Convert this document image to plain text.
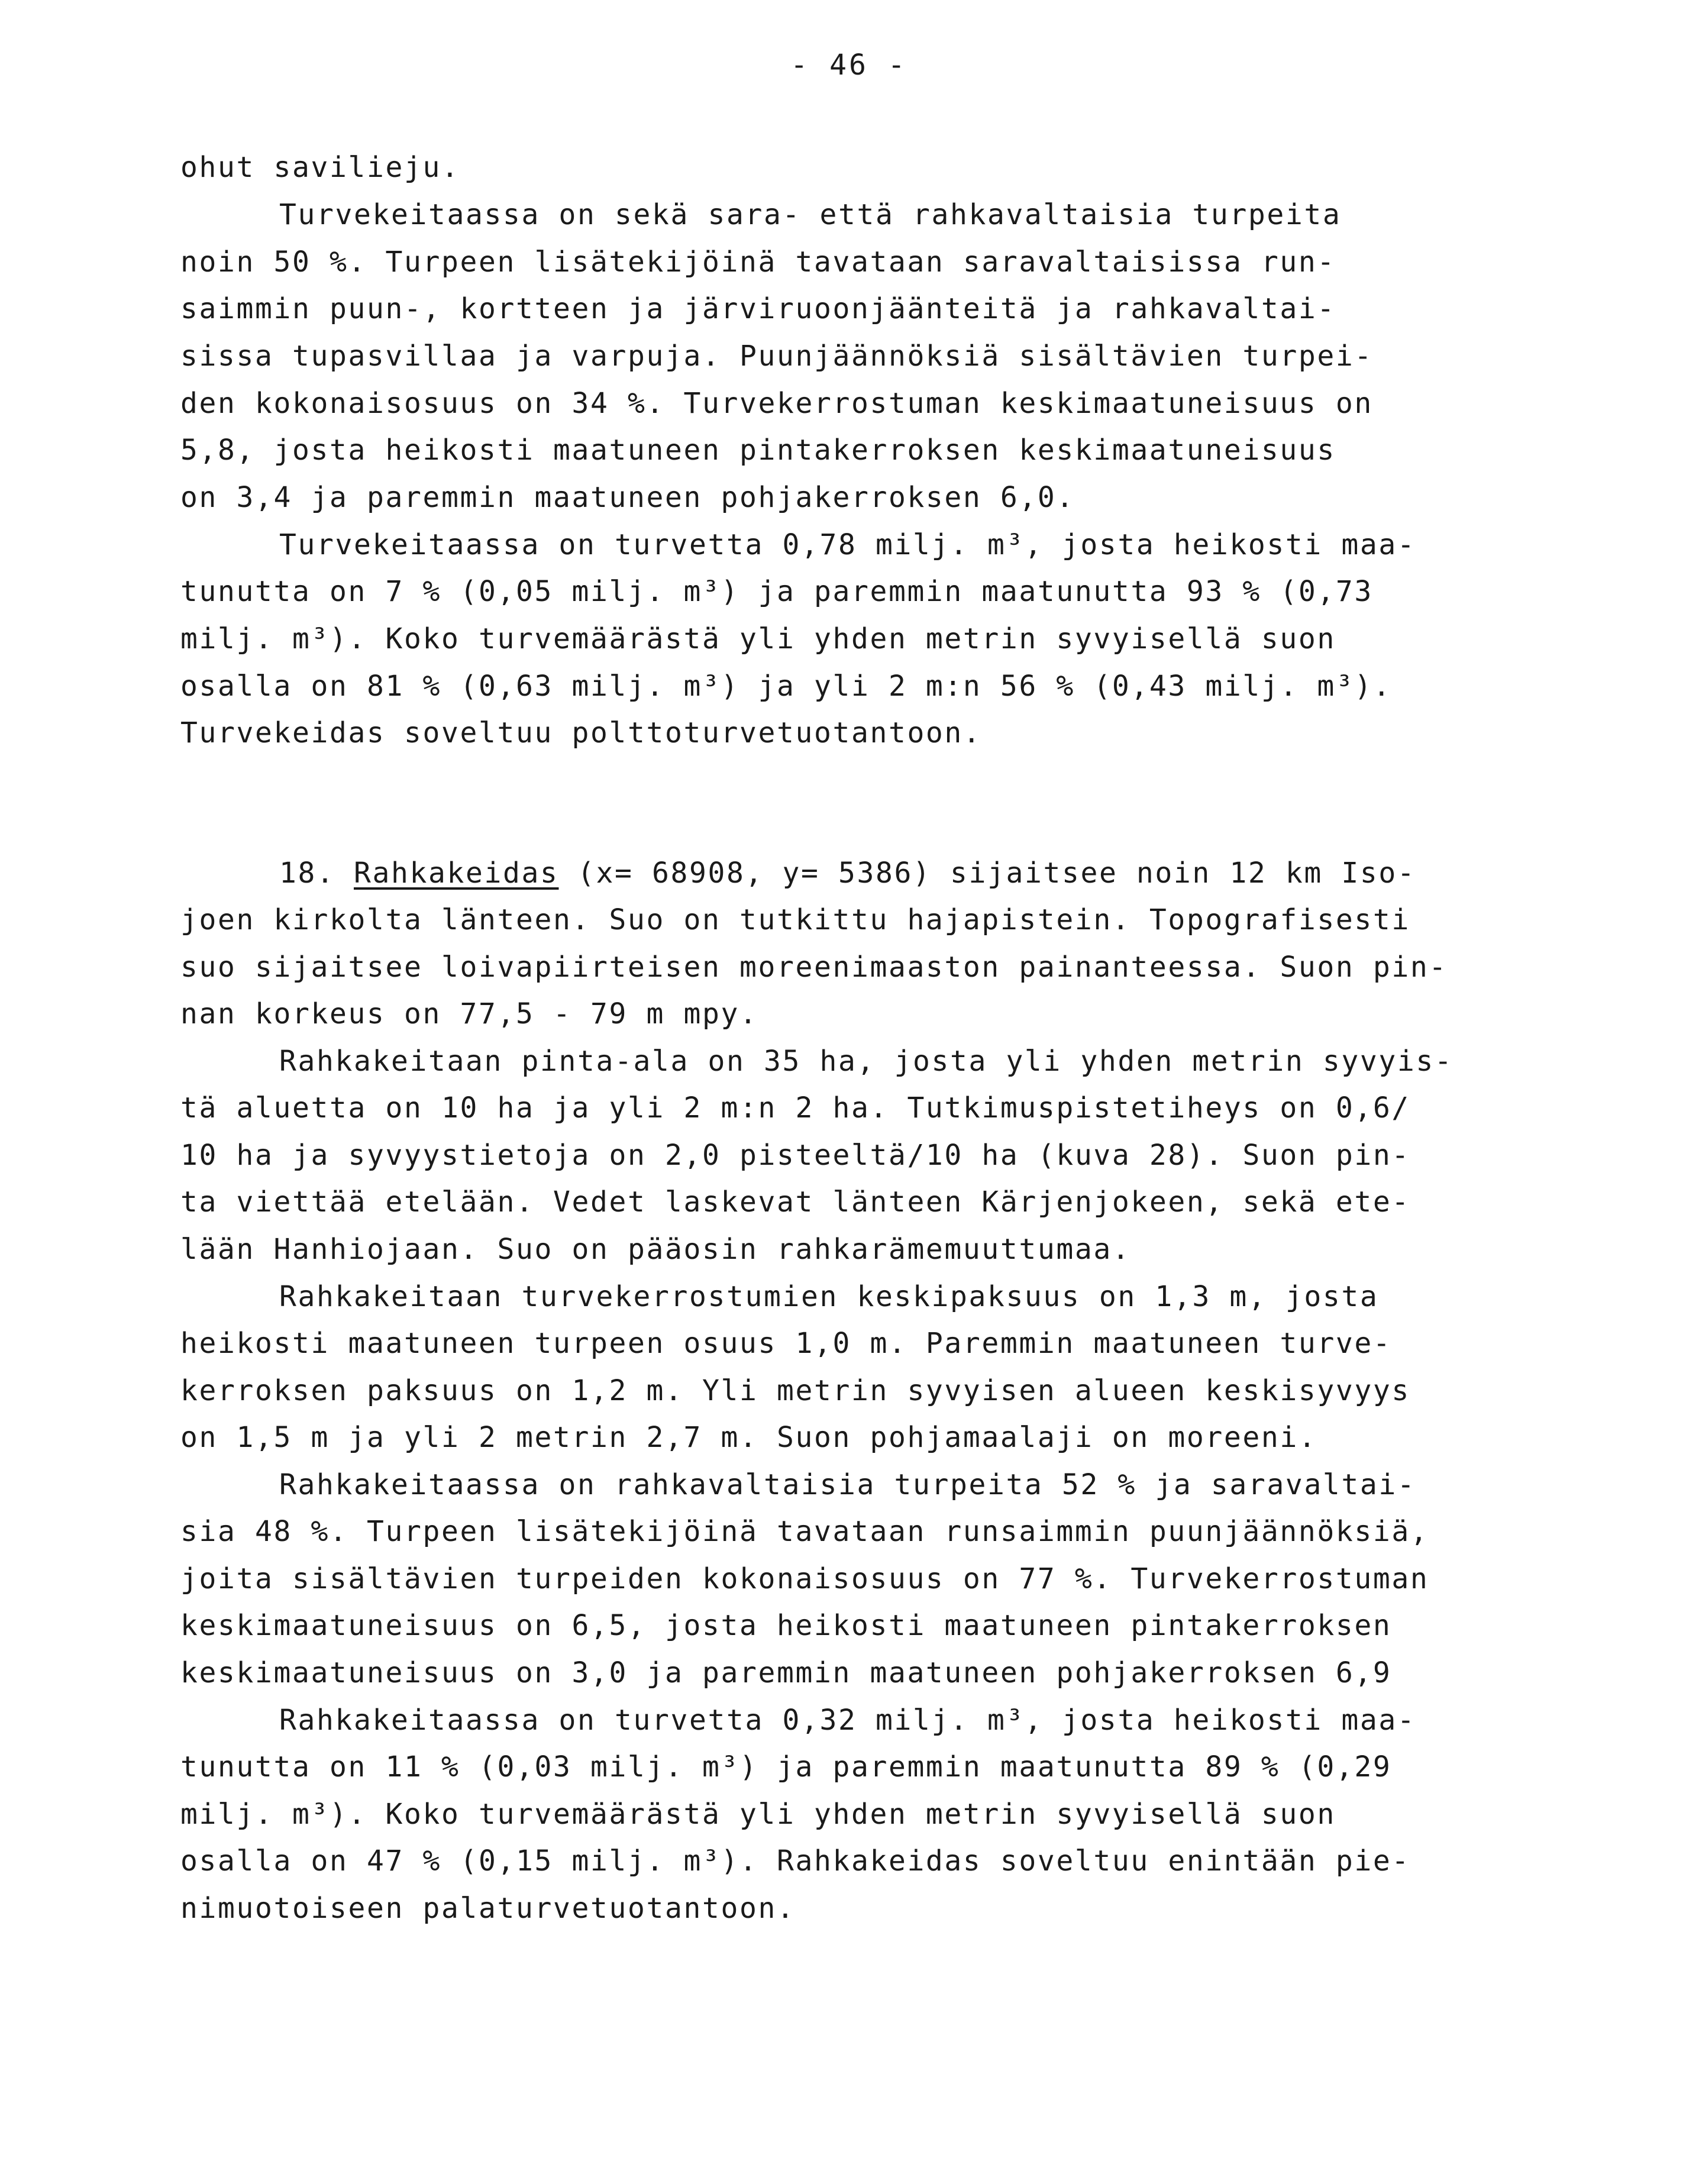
- 46 -
ohut savilieju.
Turvekeitaassa on sekä sara- että rahkavaltaisia turpeita
noin 50 %. Turpeen lisätekijöinä tavataan saravaltaisissa run-
saimmin puun-, kortteen ja järviruoonjäänteitä ja rahkavaltai-
sissa tupasvillaa ja varpuja. Puunjäännöksiä sisältävien turpei-
den kokonaisosuus on 34 %. Turvekerrostuman keskimaatuneisuus on
5,8, josta heikosti maatuneen pintakerroksen keskimaatuneisuus
on 3,4 ja paremmin maatuneen pohjakerroksen 6,0.
Turvekeitaassa on turvetta 0,78 milj. m³, josta heikosti maa-
tunutta on 7 % (0,05 milj. m³) ja paremmin maatunutta 93 % (0,73
milj. m³). Koko turvemäärästä yli yhden metrin syvyisellä suon
osalla on 81 % (0,63 milj. m³) ja yli 2 m:n 56 % (0,43 milj. m³).
Turvekeidas soveltuu polttoturvetuotantoon.
18. Rahkakeidas (x= 68908, y= 5386) sijaitsee noin 12 km Iso-
joen kirkolta länteen. Suo on tutkittu hajapistein. Topografisesti
suo sijaitsee loivapiirteisen moreenimaaston painanteessa. Suon pin-
nan korkeus on 77,5 - 79 m mpy.
Rahkakeitaan pinta-ala on 35 ha, josta yli yhden metrin syvyis-
tä aluetta on 10 ha ja yli 2 m:n 2 ha. Tutkimuspistetiheys on 0,6/
10 ha ja syvyystietoja on 2,0 pisteeltä/10 ha (kuva 28). Suon pin-
ta viettää etelään. Vedet laskevat länteen Kärjenjokeen, sekä ete-
lään Hanhiojaan. Suo on pääosin rahkarämemuuttumaa.
Rahkakeitaan turvekerrostumien keskipaksuus on 1,3 m, josta
heikosti maatuneen turpeen osuus 1,0 m. Paremmin maatuneen turve-
kerroksen paksuus on 1,2 m. Yli metrin syvyisen alueen keskisyvyys
on 1,5 m ja yli 2 metrin 2,7 m. Suon pohjamaalaji on moreeni.
Rahkakeitaassa on rahkavaltaisia turpeita 52 % ja saravaltai-
sia 48 %. Turpeen lisätekijöinä tavataan runsaimmin puunjäännöksiä,
joita sisältävien turpeiden kokonaisosuus on 77 %. Turvekerrostuman
keskimaatuneisuus on 6,5, josta heikosti maatuneen pintakerroksen
keskimaatuneisuus on 3,0 ja paremmin maatuneen pohjakerroksen 6,9
Rahkakeitaassa on turvetta 0,32 milj. m³, josta heikosti maa-
tunutta on 11 % (0,03 milj. m³) ja paremmin maatunutta 89 % (0,29
milj. m³). Koko turvemäärästä yli yhden metrin syvyisellä suon
osalla on 47 % (0,15 milj. m³). Rahkakeidas soveltuu enintään pie-
nimuotoiseen palaturvetuotantoon.
